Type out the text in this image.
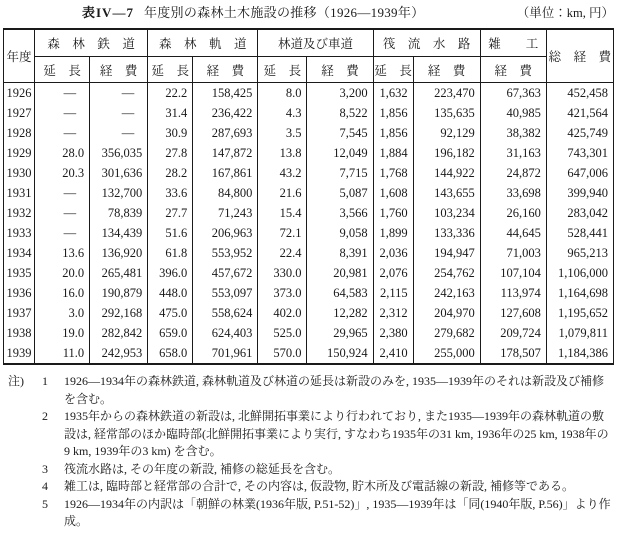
表IV—7 年度別の森林土木施設の推移（1926—1939年）	（単位：km, 円）
年度	森　林　鉄　道		森　林　軌　道		林道及び車道		筏　流　水　路		雑　　工	総　経　費
	延　長	経　費	延　長	経　費	延　長	経　費	延　長	経　費	経　費	
1926	—	—	22.2	158,425	8.0	3,200	1,632	223,470	67,363	452,458
1927	—	—	31.4	236,422	4.3	8,522	1,856	135,635	40,985	421,564
1928	—	—	30.9	287,693	3.5	7,545	1,856	92,129	38,382	425,749
1929	28.0	356,035	27.8	147,872	13.8	12,049	1,884	196,182	31,163	743,301
1930	20.3	301,636	28.2	167,861	43.2	7,715	1,768	144,922	24,872	647,006
1931	—	132,700	33.6	84,800	21.6	5,087	1,608	143,655	33,698	399,940
1932	—	78,839	27.7	71,243	15.4	3,566	1,760	103,234	26,160	283,042
1933	—	134,439	51.6	206,963	72.1	9,058	1,899	133,336	44,645	528,441
1934	13.6	136,920	61.8	553,952	22.4	8,391	2,036	194,947	71,003	965,213
1935	20.0	265,481	396.0	457,672	330.0	20,981	2,076	254,762	107,104	1,106,000
1936	16.0	190,879	448.0	553,097	373.0	64,583	2,115	242,163	113,974	1,164,698
1937	3.0	292,168	475.0	558,624	402.0	12,282	2,312	204,970	127,608	1,195,652
1938	19.0	282,842	659.0	624,403	525.0	29,965	2,380	279,682	209,724	1,079,811
1939	11.0	242,953	658.0	701,961	570.0	150,924	2,410	255,000	178,507	1,184,386
注)	1	1926—1934年の森林鉄道, 森林軌道及び林道の延長は新設のみを, 1935—1939年のそれは新設及び補修を含む。
2	1935年からの森林鉄道の新設は, 北鮮開拓事業により行われており, また1935—1939年の森林軌道の敷設は, 経常部のほか臨時部(北鮮開拓事業により実行, すなわち1935年の31 km, 1936年の25 km, 1938年の9 km, 1939年の3 km) を含む。
3	筏流水路は, その年度の新設, 補修の総延長を含む。
4	雑工は, 臨時部と経常部の合計で, その内容は, 仮設物, 貯木所及び電話線の新設, 補修等である。
5	1926—1934年の内訳は「朝鮮の林業(1936年版, P.51-52)」, 1935—1939年は「同(1940年版, P.56)」より作成。
